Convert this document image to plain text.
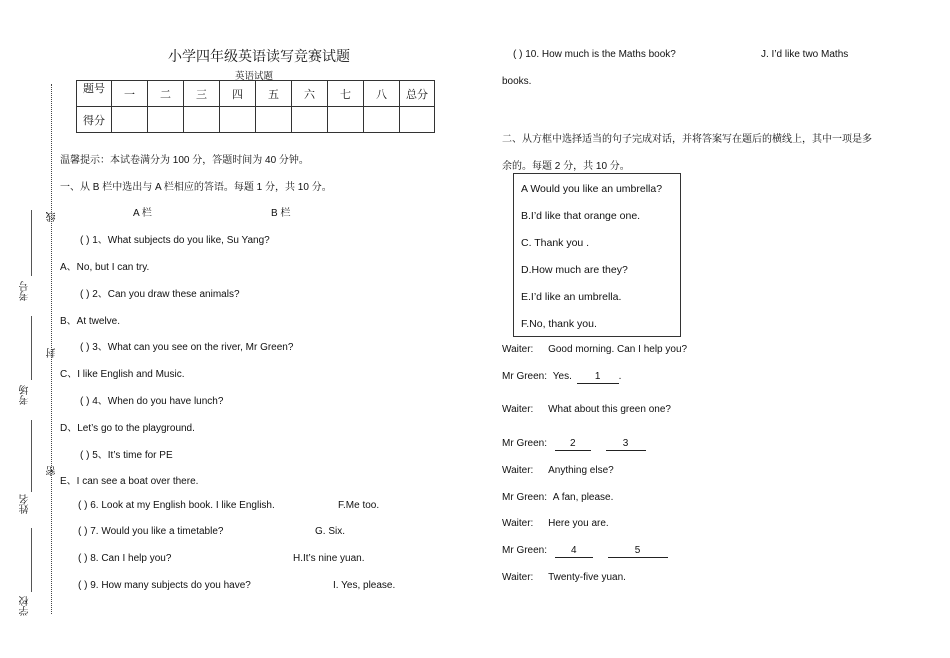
线
封
密
考号
考场
姓名
学校
小学四年级英语读写竞赛试题
英语试题
题号	一	二	三	四	五	六	七	八	总分
得分									
温馨提示：本试卷满分为 100 分，答题时间为 40 分钟。
一、从 B 栏中选出与 A 栏相应的答语。每题 1 分，共 10 分。
A 栏	B 栏
( ) 1、What subjects do you like, Su Yang?
A、No, but I can try.
( ) 2、Can you draw these animals?
B、At twelve.
( ) 3、What can you see on the river, Mr Green?
C、I like English and Music.
( ) 4、When do you have lunch?
D、Let’s go to the playground.
( ) 5、It’s time for PE
E、I can see a boat over there.
( ) 6. Look at my English book. I like English.	F.Me too.
( ) 7. Would you like a timetable?	G. Six.
( ) 8. Can I help you?	H.It’s nine yuan.
( ) 9. How many subjects do you have?	I. Yes, please.
( ) 10. How much is the Maths book?	J. I’d like two Maths
books.
二、从方框中选择适当的句子完成对话，并将答案写在题后的横线上，其中一项是多
余的。每题 2 分，共 10 分。
A Would you like an umbrella?
B.I’d like that orange one.
C. Thank you .
D.How much are they?
E.I’d like an umbrella.
F.No, thank you.
Waiter: Good morning. Can I help you?
Mr Green: Yes. 1 .
Waiter: What about this green one?
Mr Green: 2	3
Waiter: Anything else?
Mr Green: A fan, please.
Waiter: Here you are.
Mr Green: 4	5
Waiter: Twenty-five yuan.
